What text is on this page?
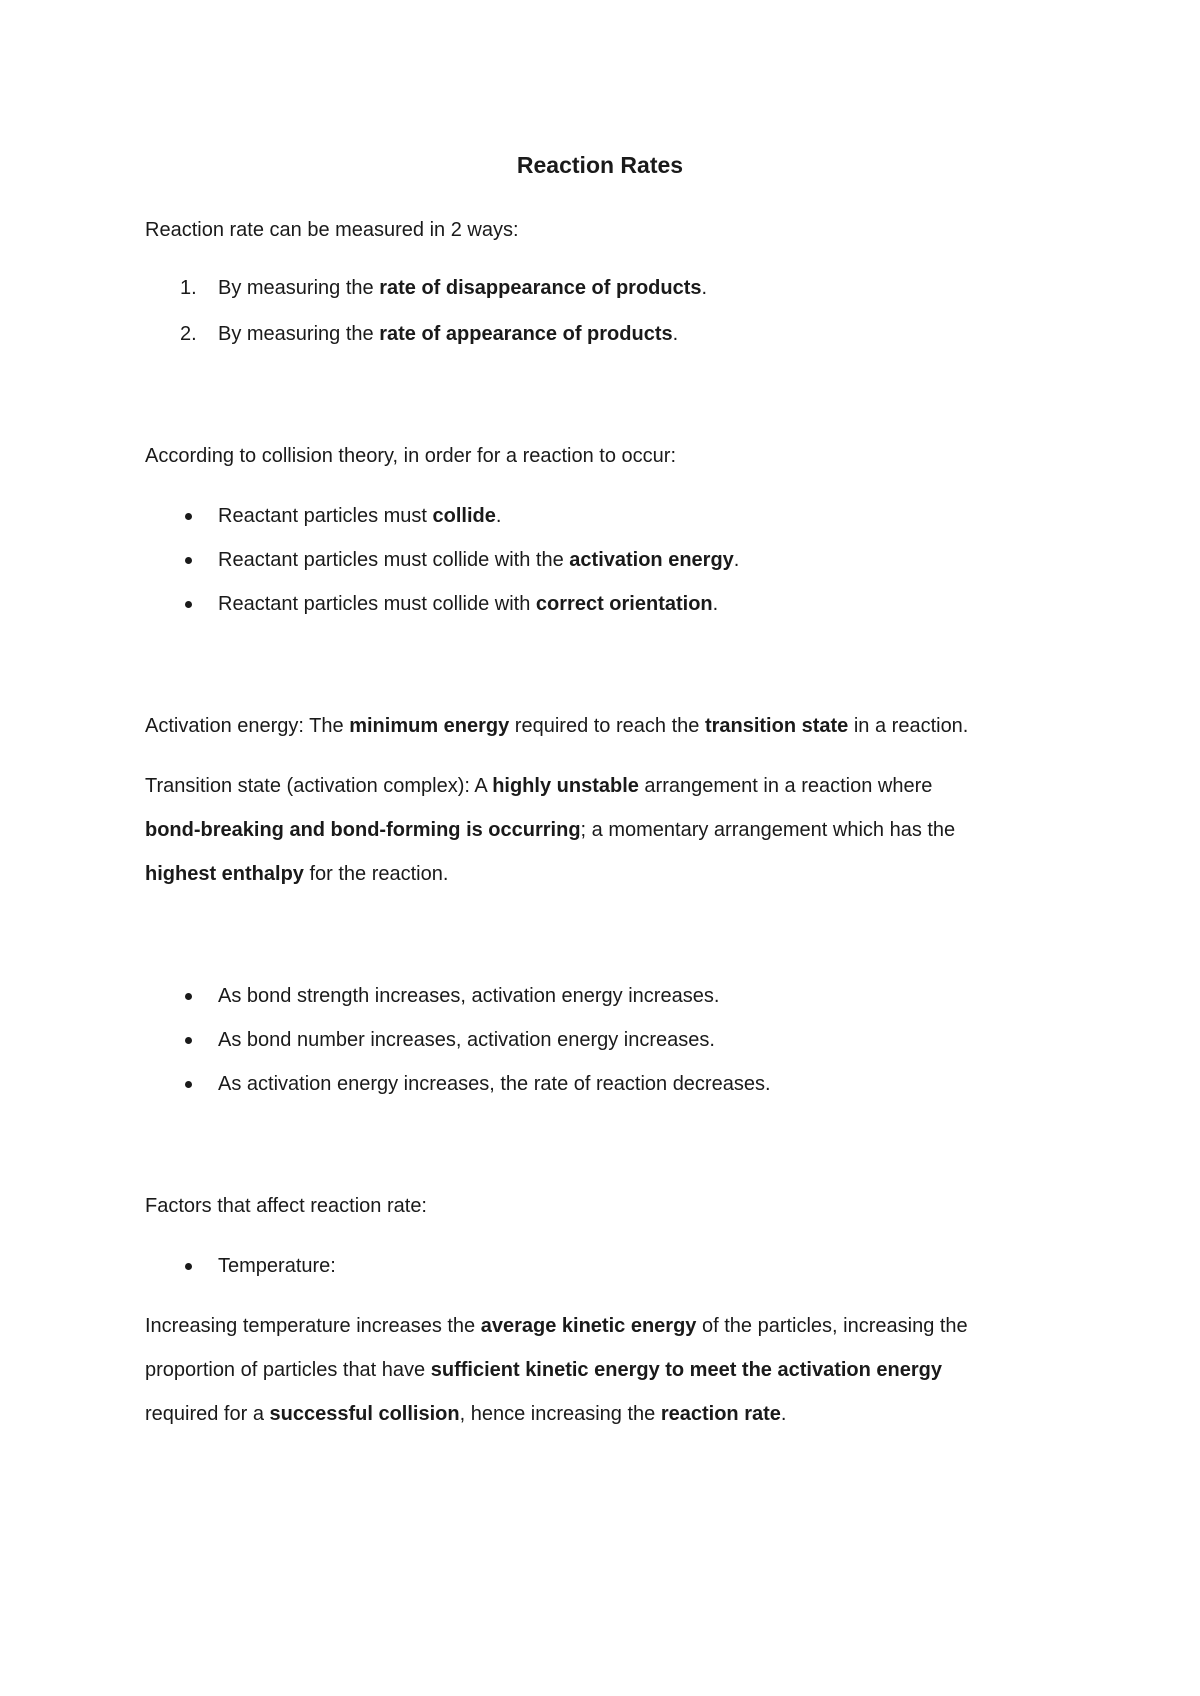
Reaction Rates
Reaction rate can be measured in 2 ways:
1. By measuring the rate of disappearance of products.
2. By measuring the rate of appearance of products.
According to collision theory, in order for a reaction to occur:
Reactant particles must collide.
Reactant particles must collide with the activation energy.
Reactant particles must collide with correct orientation.
Activation energy: The minimum energy required to reach the transition state in a reaction.
Transition state (activation complex): A highly unstable arrangement in a reaction where
bond-breaking and bond-forming is occurring; a momentary arrangement which has the
highest enthalpy for the reaction.
As bond strength increases, activation energy increases.
As bond number increases, activation energy increases.
As activation energy increases, the rate of reaction decreases.
Factors that affect reaction rate:
Temperature:
Increasing temperature increases the average kinetic energy of the particles, increasing the
proportion of particles that have sufficient kinetic energy to meet the activation energy
required for a successful collision, hence increasing the reaction rate.
